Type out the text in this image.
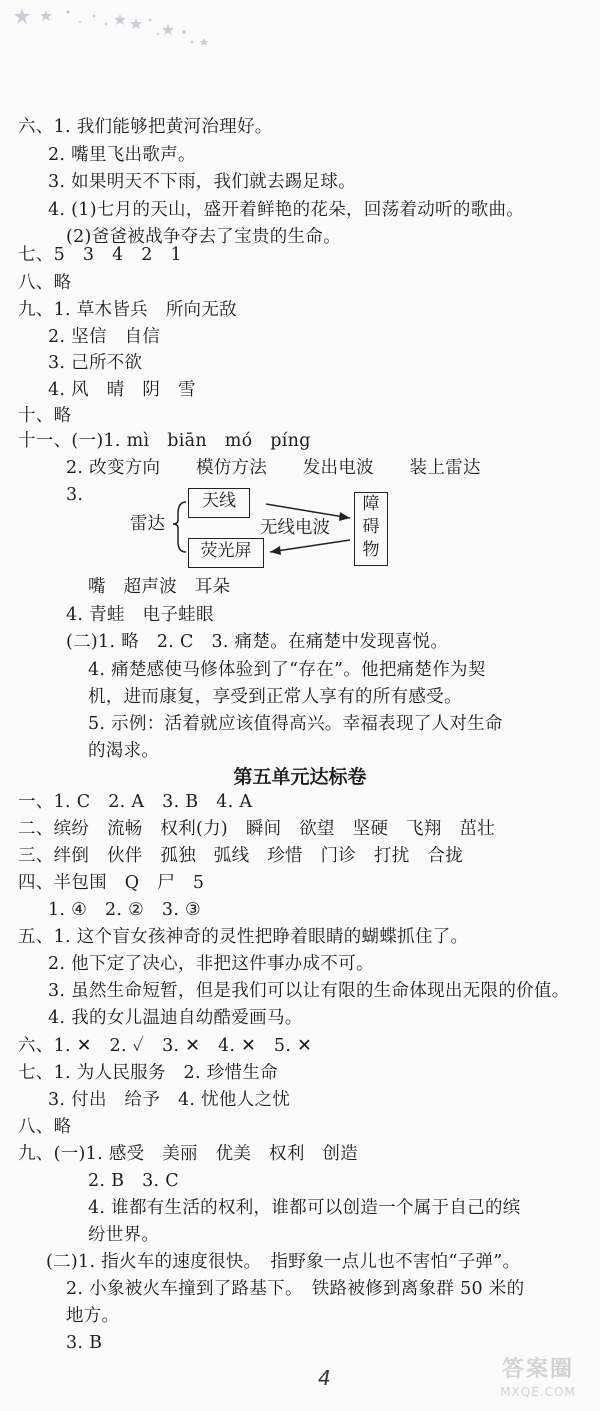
六、1. 我们能够把黄河治理好。
2. 嘴里飞出歌声。
3. 如果明天不下雨，我们就去踢足球。
4. (1)七月的天山，盛开着鲜艳的花朵，回荡着动听的歌曲。
(2)爸爸被战争夺去了宝贵的生命。
七、5　3　4　2　1
八、略
九、1. 草木皆兵　所向无敌
2. 坚信　自信
3. 己所不欲
4. 风　晴　阴　雪
十、略
十一、(一)1. mì　biān　mó　píng
2. 改变方向　　模仿方法　　发出电波　　装上雷达
3.
雷达
天线
荧光屏
无线电波
障
碍
物
嘴　超声波　耳朵
4. 青蛙　电子蛙眼
(二)1. 略　2. C　3. 痛楚。在痛楚中发现喜悦。
4. 痛楚感使马修体验到了“存在”。他把痛楚作为契
机，进而康复，享受到正常人享有的所有感受。
5. 示例：活着就应该值得高兴。幸福表现了人对生命
的渴求。
第五单元达标卷
一、1. C　2. A　3. B　4. A
二、缤纷　流畅　权利(力)　瞬间　欲望　坚硬　飞翔　茁壮
三、绊倒　伙伴　孤独　弧线　珍惜　门诊　打扰　合拢
四、半包围　Q　尸　5
1. ④　2. ②　3. ③
五、1. 这个盲女孩神奇的灵性把睁着眼睛的蝴蝶抓住了。
2. 他下定了决心，非把这件事办成不可。
3. 虽然生命短暂，但是我们可以让有限的生命体现出无限的价值。
4. 我的女儿温迪自幼酷爱画马。
六、1. ✕　2. ✓　3. ✕　4. ✕　5. ✕
七、1. 为人民服务　2. 珍惜生命
3. 付出　给予　4. 忧他人之忧
八、略
九、(一)1. 感受　美丽　优美　权利　创造
2. B　3. C
4. 谁都有生活的权利，谁都可以创造一个属于自己的缤
纷世界。
(二)1. 指火车的速度很快。　指野象一点儿也不害怕“子弹”。
2. 小象被火车撞到了路基下。　铁路被修到离象群 50 米的
地方。
3. B
4	答案圈
MXQE.COM
